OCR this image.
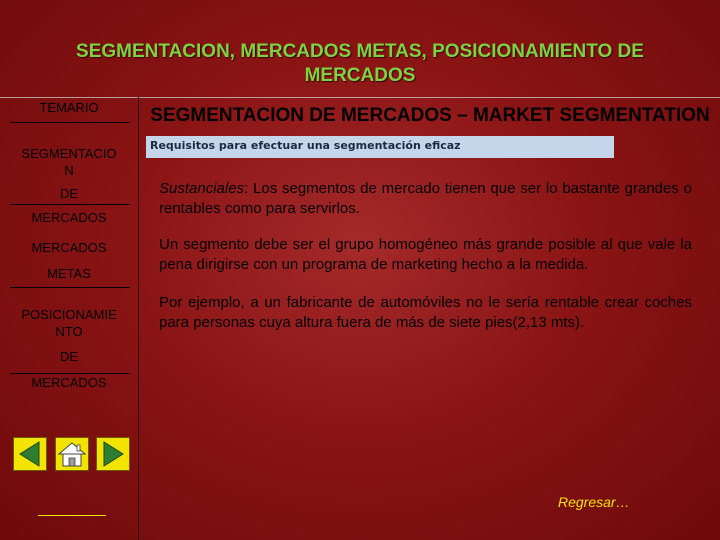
SEGMENTACION, MERCADOS METAS, POSICIONAMIENTO DE MERCADOS
TEMARIO
SEGMENTACIO
N
DE
MERCADOS
MERCADOS
METAS
POSICIONAMIE
NTO
DE
MERCADOS
SEGMENTACION DE MERCADOS – MARKET SEGMENTATION
Requisitos para efectuar una segmentación eficaz
Sustanciales: Los segmentos de mercado tienen que ser lo bastante grandes o rentables como para servirlos.
Un segmento debe ser el grupo homogéneo más grande posible al que vale la pena dirigirse con un programa de marketing hecho a la medida.
Por ejemplo, a un fabricante de automóviles no le sería rentable crear coches para personas cuya altura fuera de más de siete pies(2,13 mts).
Regresar…
